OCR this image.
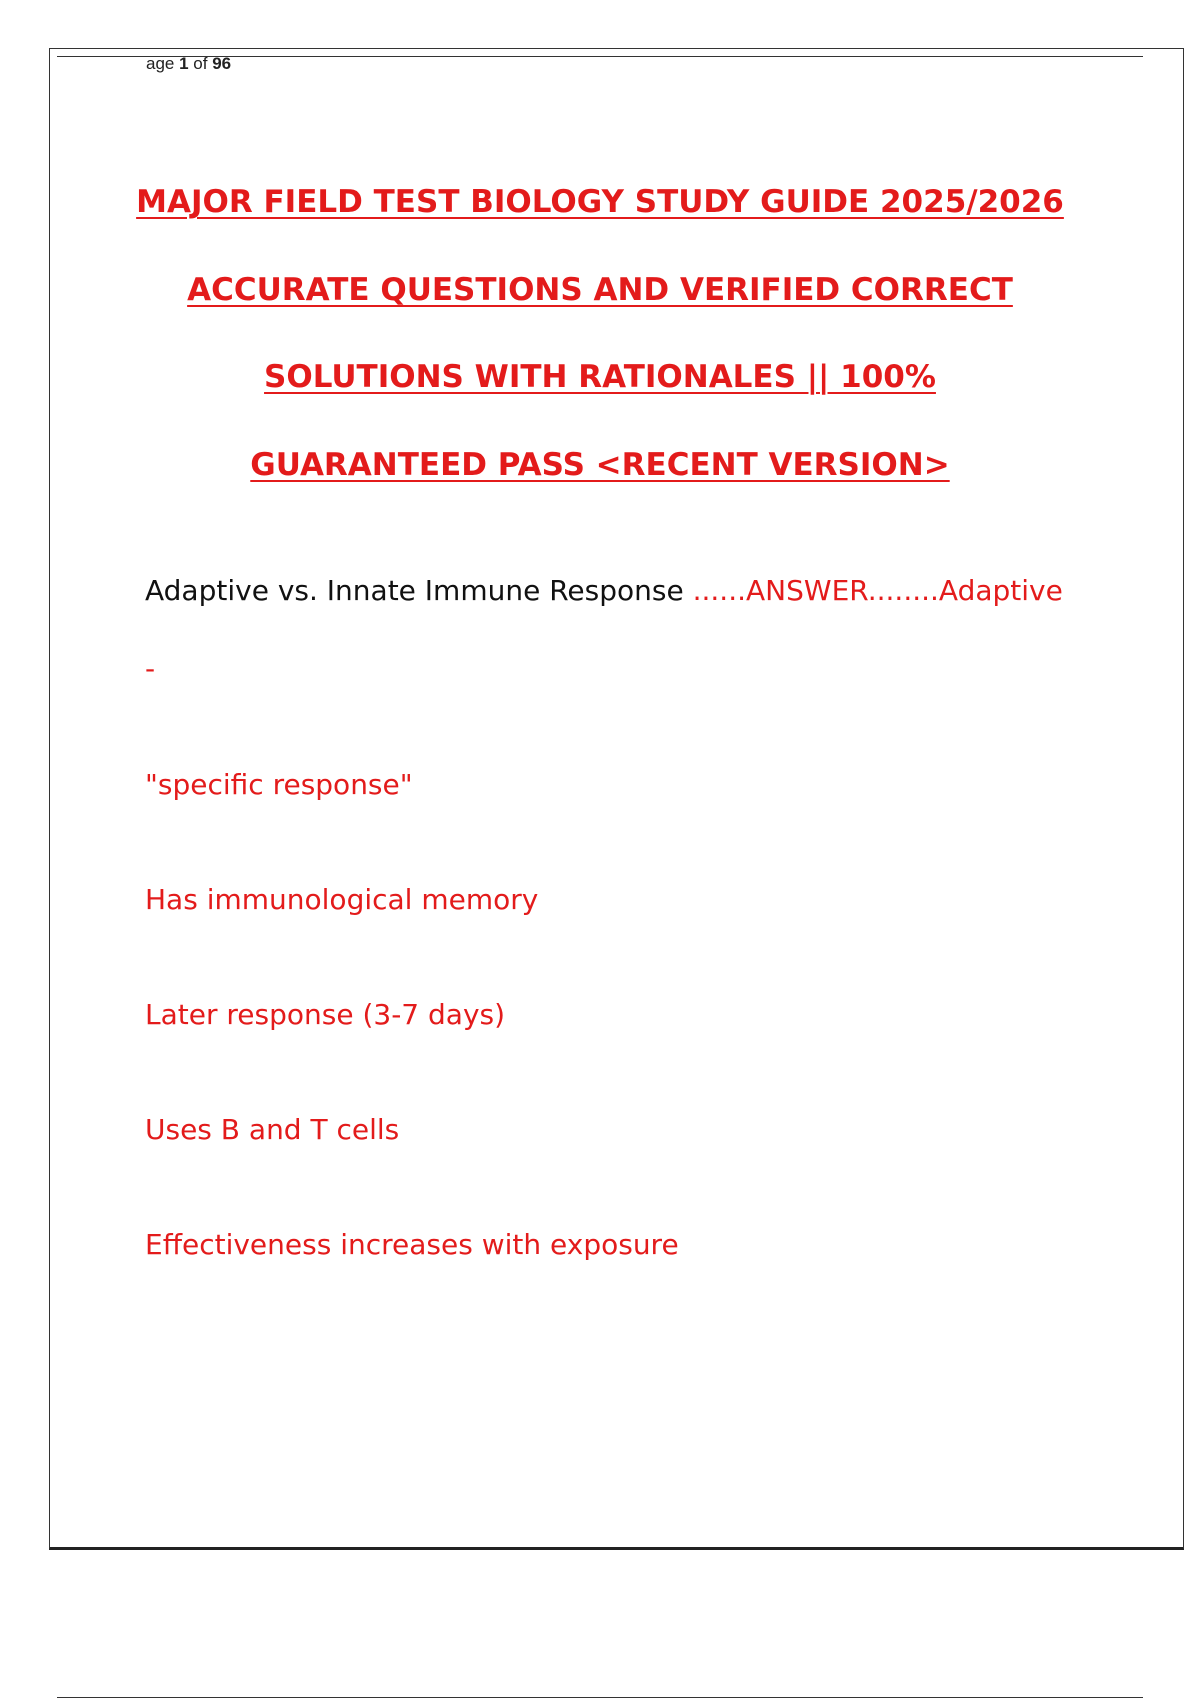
age 1 of 96
MAJOR FIELD TEST BIOLOGY STUDY GUIDE 2025/2026
ACCURATE QUESTIONS AND VERIFIED CORRECT
SOLUTIONS WITH RATIONALES || 100%
GUARANTEED PASS <RECENT VERSION>
Adaptive vs. Innate Immune Response ......ANSWER........Adaptive
-
"specific response"
Has immunological memory
Later response (3-7 days)
Uses B and T cells
Effectiveness increases with exposure
